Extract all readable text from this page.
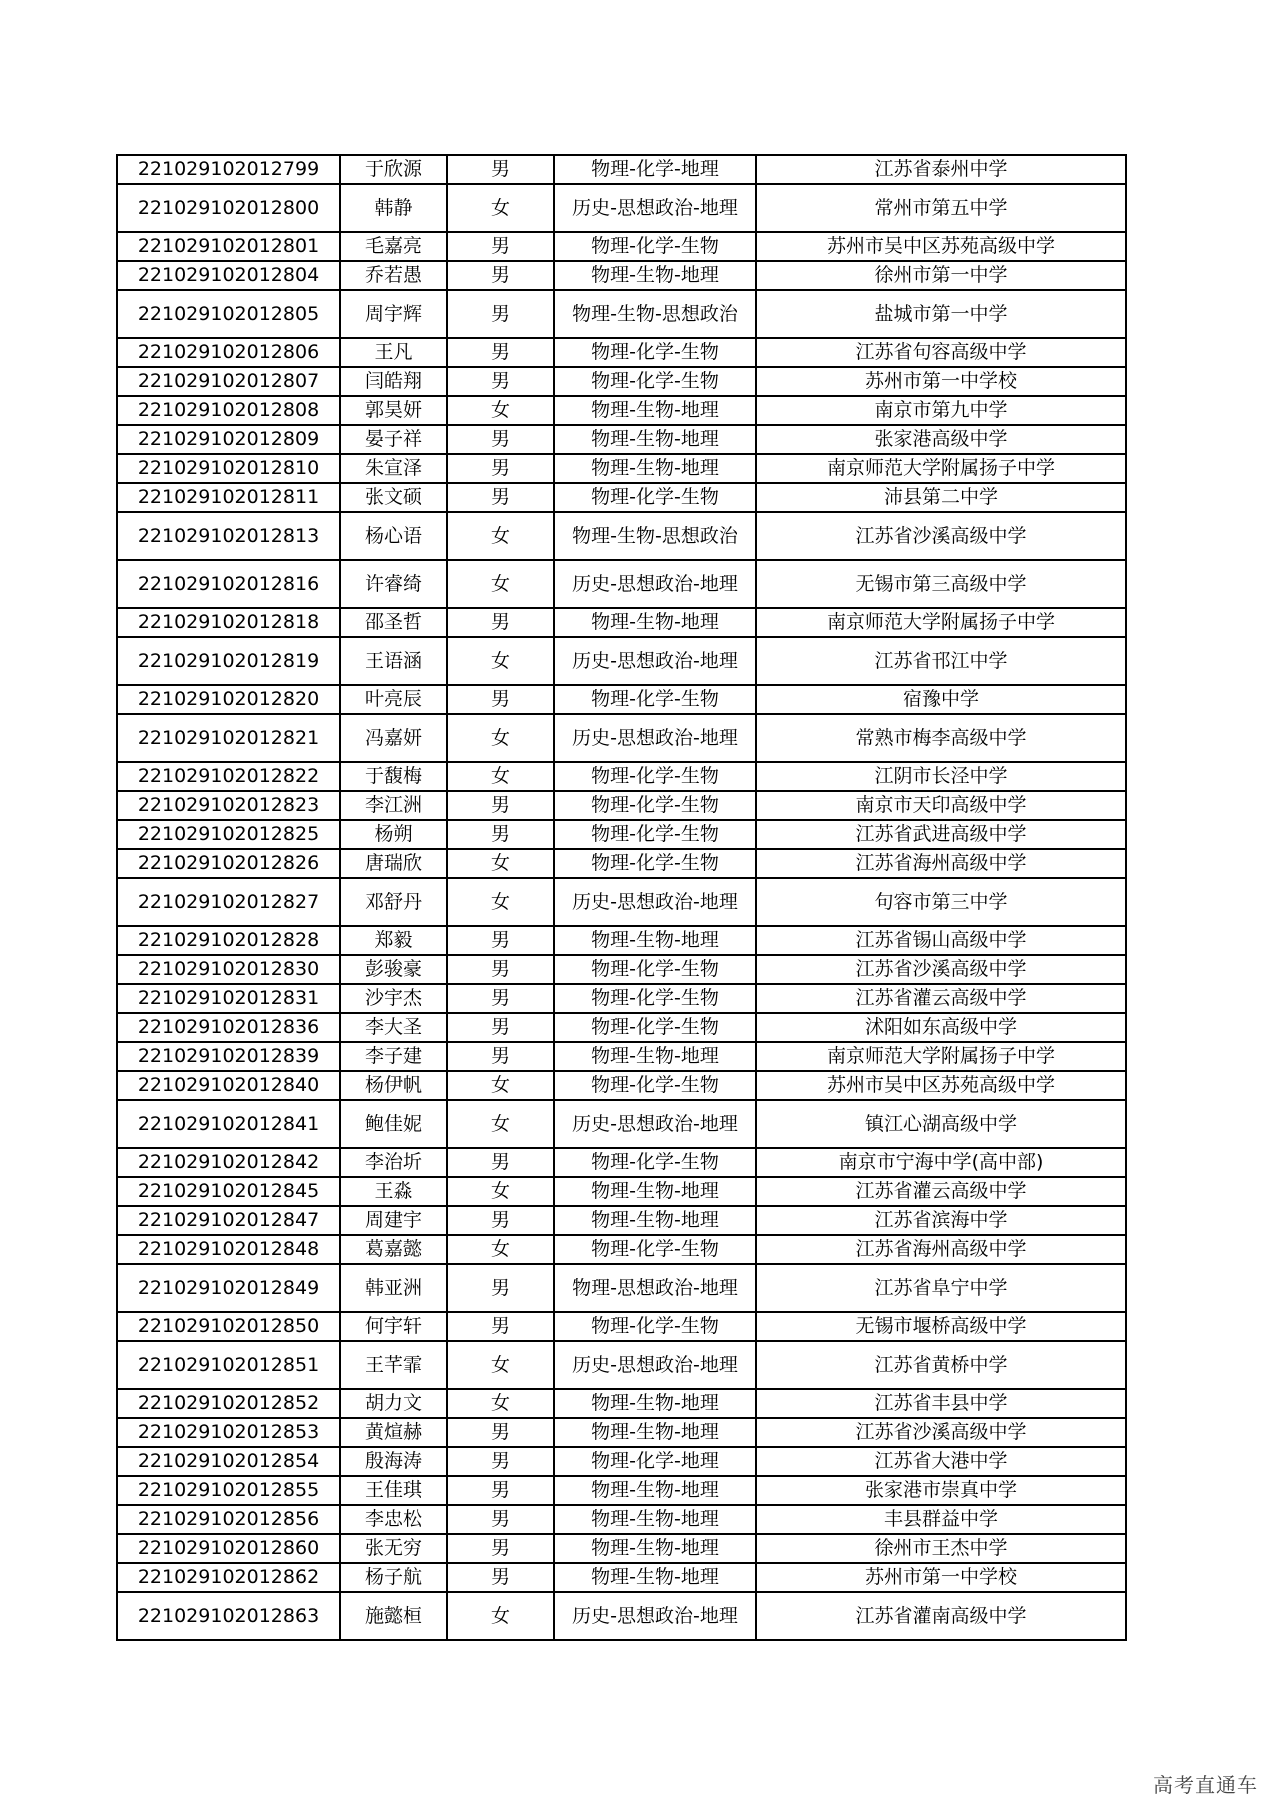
221029102012799	于欣源	男	物理-化学-地理	江苏省泰州中学
221029102012800	韩静	女	历史-思想政治-地理	常州市第五中学
221029102012801	毛嘉亮	男	物理-化学-生物	苏州市吴中区苏苑高级中学
221029102012804	乔若愚	男	物理-生物-地理	徐州市第一中学
221029102012805	周宇辉	男	物理-生物-思想政治	盐城市第一中学
221029102012806	王凡	男	物理-化学-生物	江苏省句容高级中学
221029102012807	闫皓翔	男	物理-化学-生物	苏州市第一中学校
221029102012808	郭昊妍	女	物理-生物-地理	南京市第九中学
221029102012809	晏子祥	男	物理-生物-地理	张家港高级中学
221029102012810	朱宣泽	男	物理-生物-地理	南京师范大学附属扬子中学
221029102012811	张文硕	男	物理-化学-生物	沛县第二中学
221029102012813	杨心语	女	物理-生物-思想政治	江苏省沙溪高级中学
221029102012816	许睿绮	女	历史-思想政治-地理	无锡市第三高级中学
221029102012818	邵圣哲	男	物理-生物-地理	南京师范大学附属扬子中学
221029102012819	王语涵	女	历史-思想政治-地理	江苏省邗江中学
221029102012820	叶亮辰	男	物理-化学-生物	宿豫中学
221029102012821	冯嘉妍	女	历史-思想政治-地理	常熟市梅李高级中学
221029102012822	于馥梅	女	物理-化学-生物	江阴市长泾中学
221029102012823	李江洲	男	物理-化学-生物	南京市天印高级中学
221029102012825	杨朔	男	物理-化学-生物	江苏省武进高级中学
221029102012826	唐瑞欣	女	物理-化学-生物	江苏省海州高级中学
221029102012827	邓舒丹	女	历史-思想政治-地理	句容市第三中学
221029102012828	郑毅	男	物理-生物-地理	江苏省锡山高级中学
221029102012830	彭骏豪	男	物理-化学-生物	江苏省沙溪高级中学
221029102012831	沙宇杰	男	物理-化学-生物	江苏省灌云高级中学
221029102012836	李大圣	男	物理-化学-生物	沭阳如东高级中学
221029102012839	李子建	男	物理-生物-地理	南京师范大学附属扬子中学
221029102012840	杨伊帆	女	物理-化学-生物	苏州市吴中区苏苑高级中学
221029102012841	鲍佳妮	女	历史-思想政治-地理	镇江心湖高级中学
221029102012842	李治圻	男	物理-化学-生物	南京市宁海中学(高中部)
221029102012845	王淼	女	物理-生物-地理	江苏省灌云高级中学
221029102012847	周建宇	男	物理-生物-地理	江苏省滨海中学
221029102012848	葛嘉懿	女	物理-化学-生物	江苏省海州高级中学
221029102012849	韩亚洲	男	物理-思想政治-地理	江苏省阜宁中学
221029102012850	何宇轩	男	物理-化学-生物	无锡市堰桥高级中学
221029102012851	王芊霏	女	历史-思想政治-地理	江苏省黄桥中学
221029102012852	胡力文	女	物理-生物-地理	江苏省丰县中学
221029102012853	黄煊赫	男	物理-生物-地理	江苏省沙溪高级中学
221029102012854	殷海涛	男	物理-化学-地理	江苏省大港中学
221029102012855	王佳琪	男	物理-生物-地理	张家港市崇真中学
221029102012856	李忠松	男	物理-生物-地理	丰县群益中学
221029102012860	张无穷	男	物理-生物-地理	徐州市王杰中学
221029102012862	杨子航	男	物理-生物-地理	苏州市第一中学校
221029102012863	施懿桓	女	历史-思想政治-地理	江苏省灌南高级中学
高考直通车
